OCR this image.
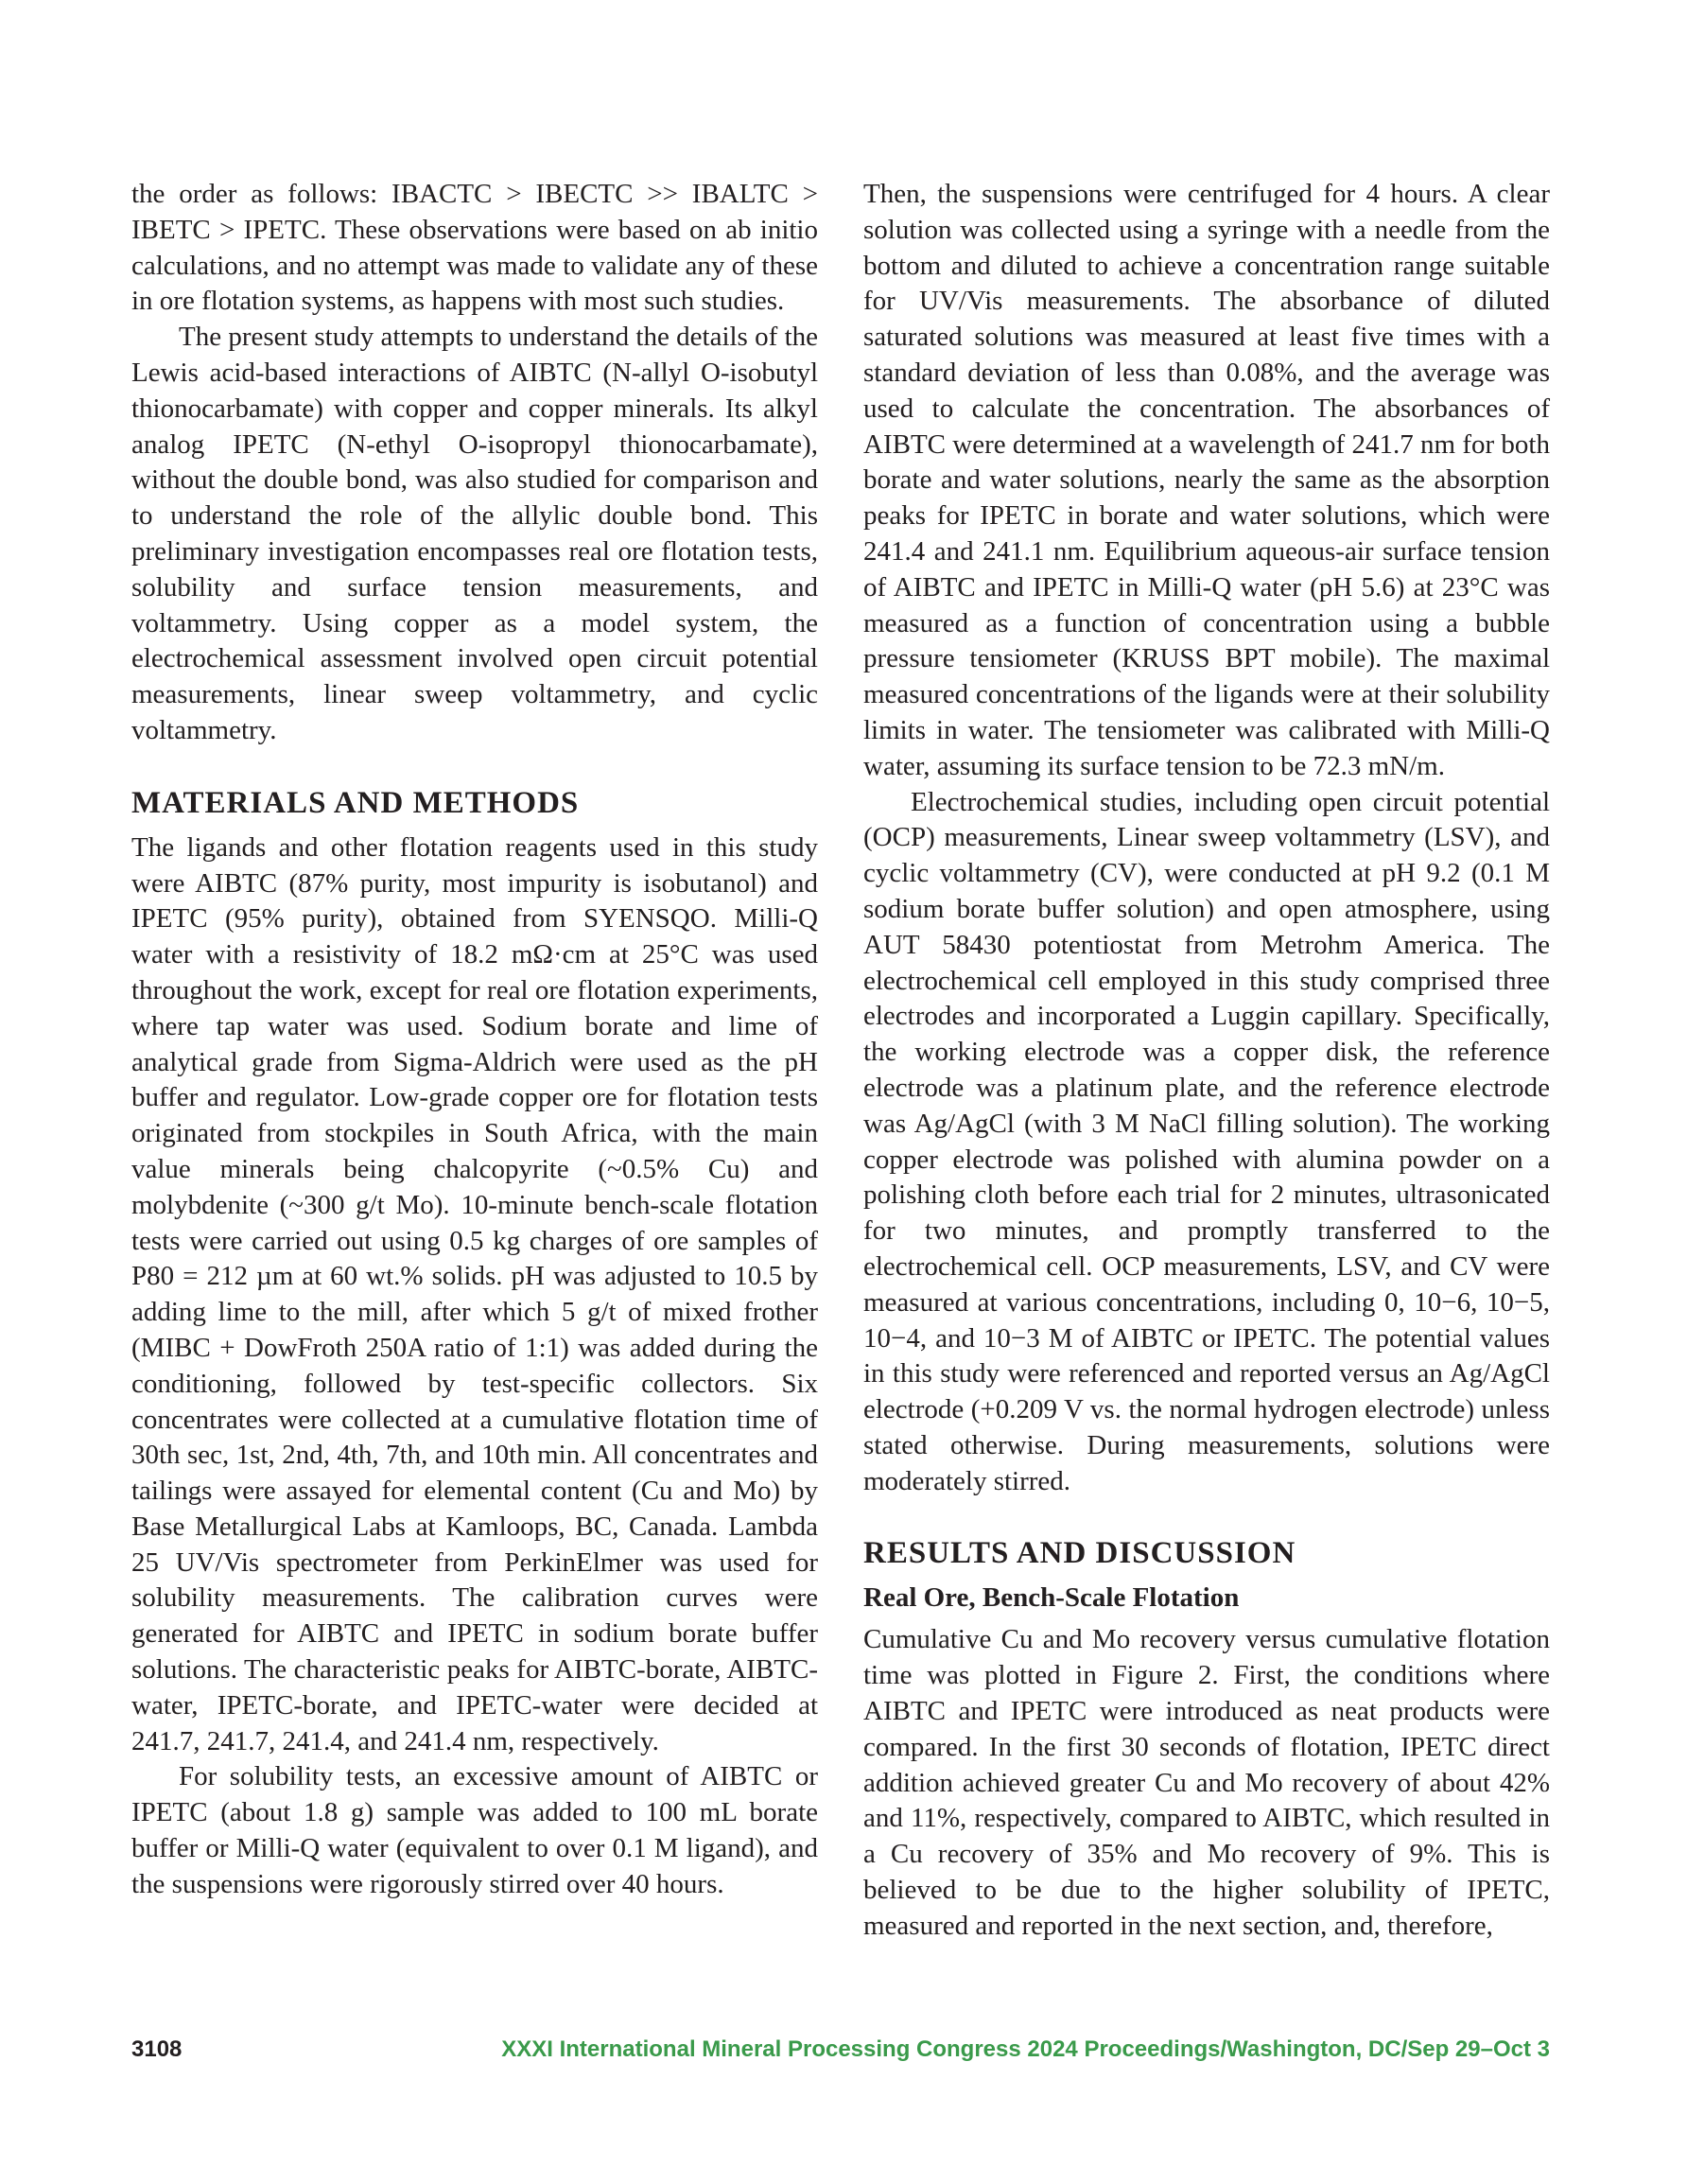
the order as follows: IBACTC > IBECTC >> IBALTC > IBETC > IPETC. These observations were based on ab initio calculations, and no attempt was made to validate any of these in ore flotation systems, as happens with most such studies.

The present study attempts to understand the details of the Lewis acid-based interactions of AIBTC (N-allyl O-isobutyl thionocarbamate) with copper and copper minerals. Its alkyl analog IPETC (N-ethyl O-isopropyl thionocarbamate), without the double bond, was also studied for comparison and to understand the role of the allylic double bond. This preliminary investigation encompasses real ore flotation tests, solubility and surface tension measurements, and voltammetry. Using copper as a model system, the electrochemical assessment involved open circuit potential measurements, linear sweep voltammetry, and cyclic voltammetry.

MATERIALS AND METHODS

The ligands and other flotation reagents used in this study were AIBTC (87% purity, most impurity is isobutanol) and IPETC (95% purity), obtained from SYENSQO. Milli-Q water with a resistivity of 18.2 mΩ·cm at 25°C was used throughout the work, except for real ore flotation experiments, where tap water was used. Sodium borate and lime of analytical grade from Sigma-Aldrich were used as the pH buffer and regulator. Low-grade copper ore for flotation tests originated from stockpiles in South Africa, with the main value minerals being chalcopyrite (~0.5% Cu) and molybdenite (~300 g/t Mo). 10-minute bench-scale flotation tests were carried out using 0.5 kg charges of ore samples of P80 = 212 µm at 60 wt.% solids. pH was adjusted to 10.5 by adding lime to the mill, after which 5 g/t of mixed frother (MIBC + DowFroth 250A ratio of 1:1) was added during the conditioning, followed by test-specific collectors. Six concentrates were collected at a cumulative flotation time of 30th sec, 1st, 2nd, 4th, 7th, and 10th min. All concentrates and tailings were assayed for elemental content (Cu and Mo) by Base Metallurgical Labs at Kamloops, BC, Canada. Lambda 25 UV/Vis spectrometer from PerkinElmer was used for solubility measurements. The calibration curves were generated for AIBTC and IPETC in sodium borate buffer solutions. The characteristic peaks for AIBTC-borate, AIBTC-water, IPETC-borate, and IPETC-water were decided at 241.7, 241.7, 241.4, and 241.4 nm, respectively.

For solubility tests, an excessive amount of AIBTC or IPETC (about 1.8 g) sample was added to 100 mL borate buffer or Milli-Q water (equivalent to over 0.1 M ligand), and the suspensions were rigorously stirred over 40 hours.

Then, the suspensions were centrifuged for 4 hours. A clear solution was collected using a syringe with a needle from the bottom and diluted to achieve a concentration range suitable for UV/Vis measurements. The absorbance of diluted saturated solutions was measured at least five times with a standard deviation of less than 0.08%, and the average was used to calculate the concentration. The absorbances of AIBTC were determined at a wavelength of 241.7 nm for both borate and water solutions, nearly the same as the absorption peaks for IPETC in borate and water solutions, which were 241.4 and 241.1 nm. Equilibrium aqueous-air surface tension of AIBTC and IPETC in Milli-Q water (pH 5.6) at 23°C was measured as a function of concentration using a bubble pressure tensiometer (KRUSS BPT mobile). The maximal measured concentrations of the ligands were at their solubility limits in water. The tensiometer was calibrated with Milli-Q water, assuming its surface tension to be 72.3 mN/m.

Electrochemical studies, including open circuit potential (OCP) measurements, Linear sweep voltammetry (LSV), and cyclic voltammetry (CV), were conducted at pH 9.2 (0.1 M sodium borate buffer solution) and open atmosphere, using AUT 58430 potentiostat from Metrohm America. The electrochemical cell employed in this study comprised three electrodes and incorporated a Luggin capillary. Specifically, the working electrode was a copper disk, the reference electrode was a platinum plate, and the reference electrode was Ag/AgCl (with 3 M NaCl filling solution). The working copper electrode was polished with alumina powder on a polishing cloth before each trial for 2 minutes, ultrasonicated for two minutes, and promptly transferred to the electrochemical cell. OCP measurements, LSV, and CV were measured at various concentrations, including 0, 10−6, 10−5, 10−4, and 10−3 M of AIBTC or IPETC. The potential values in this study were referenced and reported versus an Ag/AgCl electrode (+0.209 V vs. the normal hydrogen electrode) unless stated otherwise. During measurements, solutions were moderately stirred.

RESULTS AND DISCUSSION
Real Ore, Bench-Scale Flotation

Cumulative Cu and Mo recovery versus cumulative flotation time was plotted in Figure 2. First, the conditions where AIBTC and IPETC were introduced as neat products were compared. In the first 30 seconds of flotation, IPETC direct addition achieved greater Cu and Mo recovery of about 42% and 11%, respectively, compared to AIBTC, which resulted in a Cu recovery of 35% and Mo recovery of 9%. This is believed to be due to the higher solubility of IPETC, measured and reported in the next section, and, therefore,

3108	XXXI International Mineral Processing Congress 2024 Proceedings/Washington, DC/Sep 29–Oct 3
